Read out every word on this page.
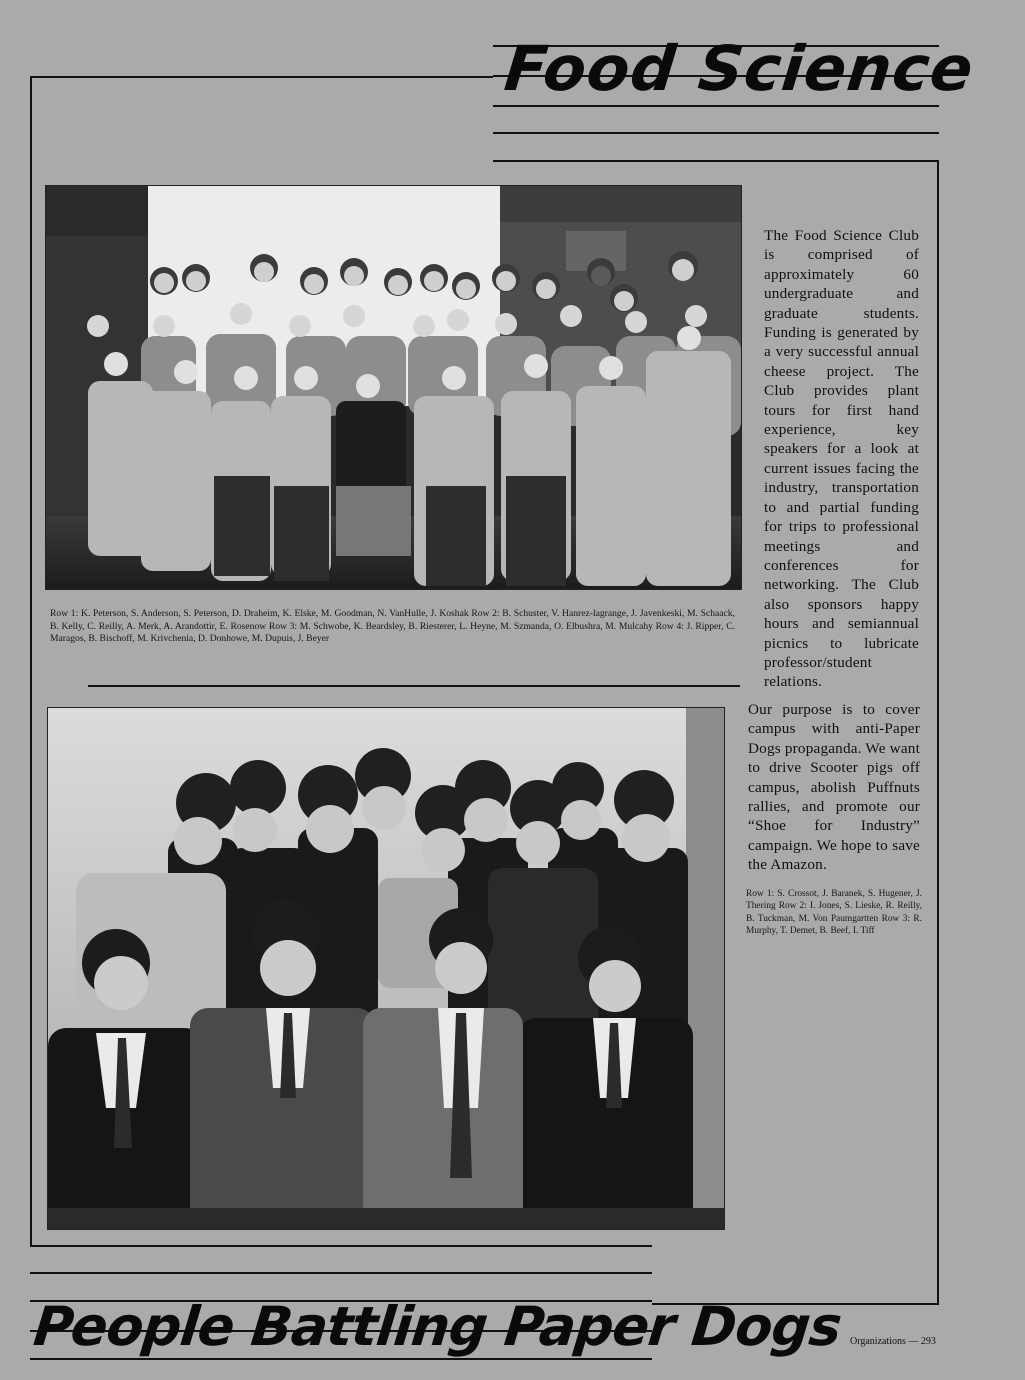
Food Science
People Battling Paper Dogs

Row 1: K. Peterson, S. Anderson, S. Peterson, D. Draheim, K. Elske, M. Goodman, N. VanHulle, J. Koshak Row 2: B. Schuster, V. Hanrez-lagrange, J. Javenkeski, M. Schaack, B. Kelly, C. Reilly, A. Merk, A. Arandottir, E. Rosenow Row 3: M. Schwobe, K. Beardsley, B. Riesterer, L. Heyne, M. Szmanda, O. Elbushra, M. Mulcahy Row 4: J. Ripper, C. Maragos, B. Bischoff, M. Krivchenia, D. Donhowe, M. Dupuis, J. Beyer

The Food Science Club is comprised of approximately 60 undergraduate and graduate students. Funding is generated by a very successful annual cheese project. The Club provides plant tours for first hand experience, key speakers for a look at current issues facing the industry, transportation to and partial funding for trips to professional meetings and conferences for networking. The Club also sponsors happy hours and semiannual picnics to lubricate professor/student relations.

Our purpose is to cover campus with anti-Paper Dogs propaganda. We want to drive Scooter pigs off campus, abolish Puffnuts rallies, and promote our “Shoe for Industry” campaign. We hope to save the Amazon.

Row 1: S. Crossot, J. Baranek, S. Hugener, J. Thering Row 2: I. Jones, S. Lieske, R. Reilly, B. Tuckman, M. Von Paumgartten Row 3: R. Murphy, T. Demet, B. Beef, I. Tiff

Organizations — 293
